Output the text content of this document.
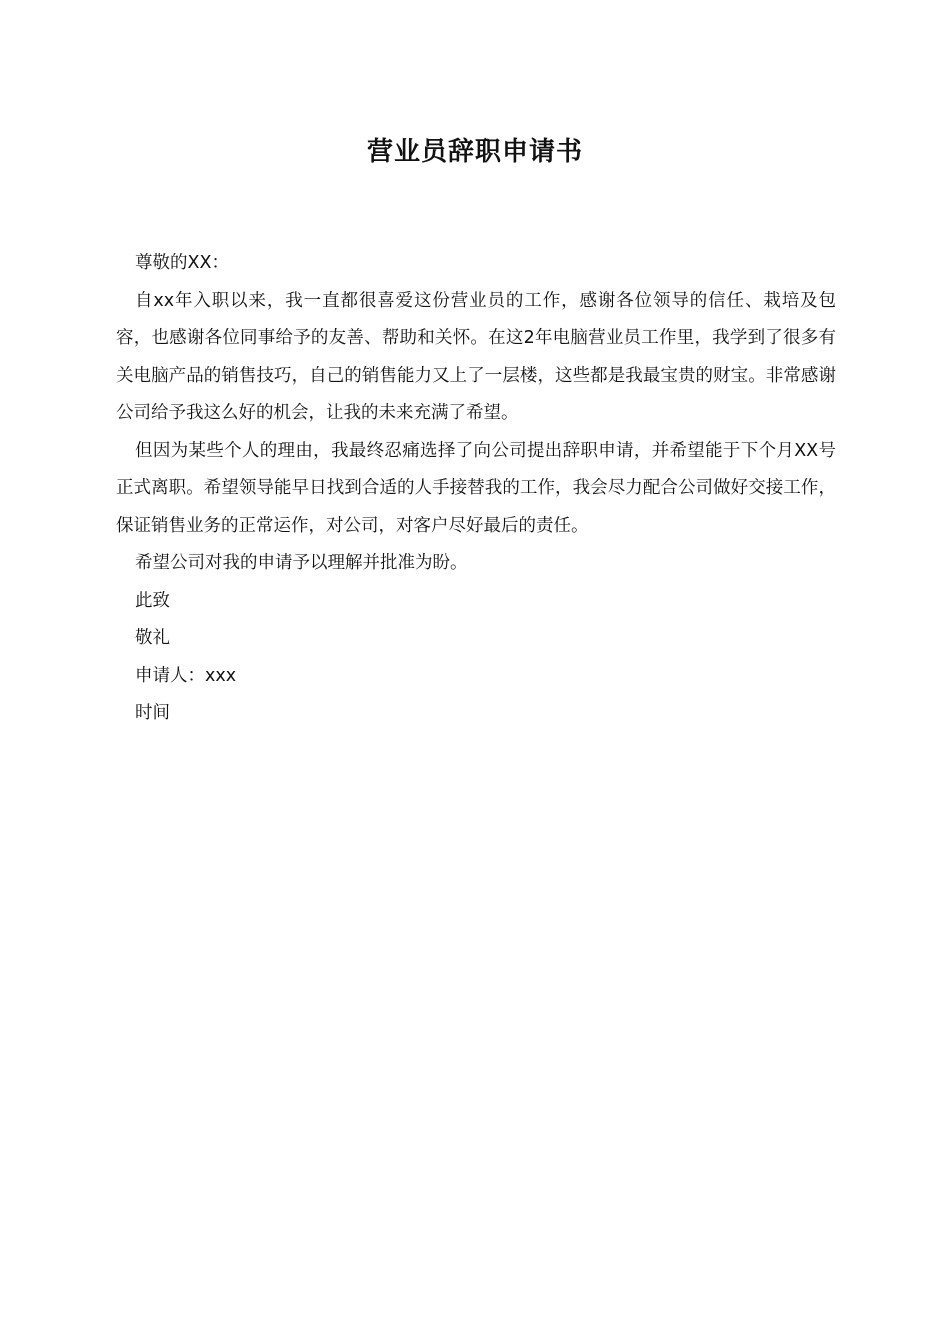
营业员辞职申请书

尊敬的XX：

自xx年入职以来，我一直都很喜爱这份营业员的工作，感谢各位领导的信任、栽培及包容，也感谢各位同事给予的友善、帮助和关怀。在这2年电脑营业员工作里，我学到了很多有关电脑产品的销售技巧，自己的销售能力又上了一层楼，这些都是我最宝贵的财宝。非常感谢公司给予我这么好的机会，让我的未来充满了希望。

但因为某些个人的理由，我最终忍痛选择了向公司提出辞职申请，并希望能于下个月XX号正式离职。希望领导能早日找到合适的人手接替我的工作，我会尽力配合公司做好交接工作，保证销售业务的正常运作，对公司，对客户尽好最后的责任。

希望公司对我的申请予以理解并批准为盼。

此致

敬礼

申请人：xxx

时间
